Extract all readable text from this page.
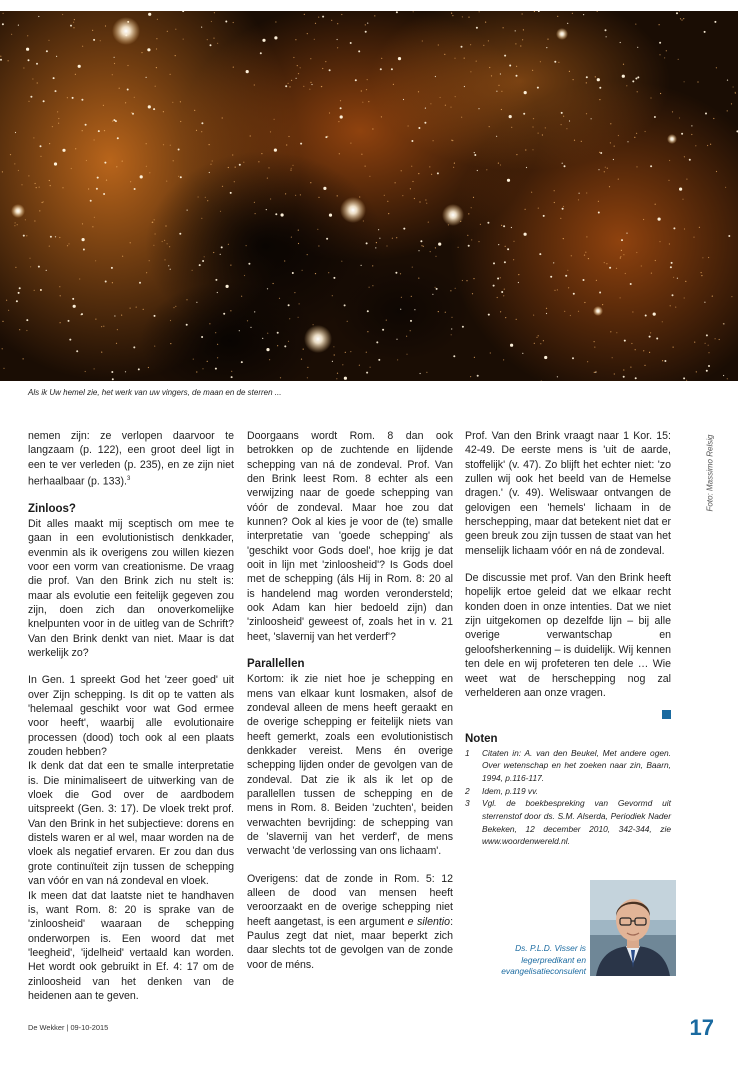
Als ik Uw hemel zie, het werk van uw vingers, de maan en de sterren ...
Foto: Massimo Relsig

nemen zijn: ze verlopen daarvoor te langzaam (p. 122), een groot deel ligt in een te ver verleden (p. 235), en ze zijn niet herhaalbaar (p. 133).$^3$

Zinloos?

Dit alles maakt mij sceptisch om mee te gaan in een evolutionistisch denkkader, evenmin als ik overigens zou willen kiezen voor een vorm van creationisme. De vraag die prof. Van den Brink zich nu stelt is: maar als evolutie een feitelijk gegeven zou zijn, doen zich dan onoverkomelijke knelpunten voor in de uitleg van de Schrift? Van den Brink denkt van niet. Maar is dat werkelijk zo?

In Gen. 1 spreekt God het 'zeer goed' uit over Zijn schepping. Is dit op te vatten als 'helemaal geschikt voor wat God ermee voor heeft', waarbij alle evolutionaire processen (dood) toch ook al een plaats zouden hebben?

Ik denk dat dat een te smalle interpretatie is. Die minimaliseert de uitwerking van de vloek die God over de aardbodem uitspreekt (Gen. 3: 17). De vloek trekt prof. Van den Brink in het subjectieve: dorens en distels waren er al wel, maar worden na de vloek als negatief ervaren. Er zou dan dus grote continuïteit zijn tussen de schepping van vóór en van ná zondeval en vloek.

Ik meen dat dat laatste niet te handhaven is, want Rom. 8: 20 is sprake van de 'zinloosheid' waaraan de schepping onderworpen is. Een woord dat met 'leegheid', 'ijdelheid' vertaald kan worden. Het wordt ook gebruikt in Ef. 4: 17 om de zinloosheid van het denken van de heidenen aan te geven.

Doorgaans wordt Rom. 8 dan ook betrokken op de zuchtende en lijdende schepping van ná de zondeval. Prof. Van den Brink leest Rom. 8 echter als een verwijzing naar de goede schepping van vóór de zondeval. Maar hoe zou dat kunnen? Ook al kies je voor de (te) smalle interpretatie van 'goede schepping' als 'geschikt voor Gods doel', hoe krijg je dat ooit in lijn met 'zinloosheid'? Is Gods doel met de schepping (áls Hij in Rom. 8: 20 al is handelend mag worden verondersteld; ook Adam kan hier bedoeld zijn) dan 'zinloosheid' geweest of, zoals het in v. 21 heet, 'slavernij van het verderf'?

Parallellen

Kortom: ik zie niet hoe je schepping en mens van elkaar kunt losmaken, alsof de zondeval alleen de mens heeft geraakt en de overige schepping er feitelijk niets van heeft gemerkt, zoals een evolutionistisch denkkader vereist. Mens én overige schepping lijden onder de gevolgen van de zondeval. Dat zie ik als ik let op de parallellen tussen de schepping en de mens in Rom. 8. Beiden 'zuchten', beiden verwachten bevrijding: de schepping van de 'slavernij van het verderf', de mens verwacht 'de verlossing van ons lichaam'.

Overigens: dat de zonde in Rom. 5: 12 alleen de dood van mensen heeft veroorzaakt en de overige schepping niet heeft aangetast, is een argument e silentio: Paulus zegt dat niet, maar beperkt zich daar slechts tot de gevolgen van de zonde voor de méns.

Prof. Van den Brink vraagt naar 1 Kor. 15: 42-49. De eerste mens is 'uit de aarde, stoffelijk' (v. 47). Zo blijft het echter niet: 'zo zullen wij ook het beeld van de Hemelse dragen.' (v. 49). Weliswaar ontvangen de gelovigen een 'hemels' lichaam in de herschepping, maar dat betekent niet dat er geen breuk zou zijn tussen de staat van het menselijk lichaam vóór en ná de zondeval.

De discussie met prof. Van den Brink heeft hopelijk ertoe geleid dat we elkaar recht konden doen in onze intenties. Dat we niet zijn uitgekomen op dezelfde lijn – bij alle overige verwantschap en geloofsherkenning – is duidelijk. Wij kennen ten dele en wij profeteren ten dele … Wie weet wat de herschepping nog zal verhelderen aan onze vragen.

Noten
1 Citaten in: A. van den Beukel, Met andere ogen. Over wetenschap en het zoeken naar zin, Baarn, 1994, p.116-117.
2 Idem, p.119 vv.
3 Vgl. de boekbespreking van Gevormd uit sterrenstof door ds. S.M. Alserda, Periodiek Nader Bekeken, 12 december 2010, 342-344, zie www.woordenwereld.nl.
Ds. P.L.D. Visser is legerpredikant en evangelisatieconsulent
De Wekker | 09-10-2015	17
